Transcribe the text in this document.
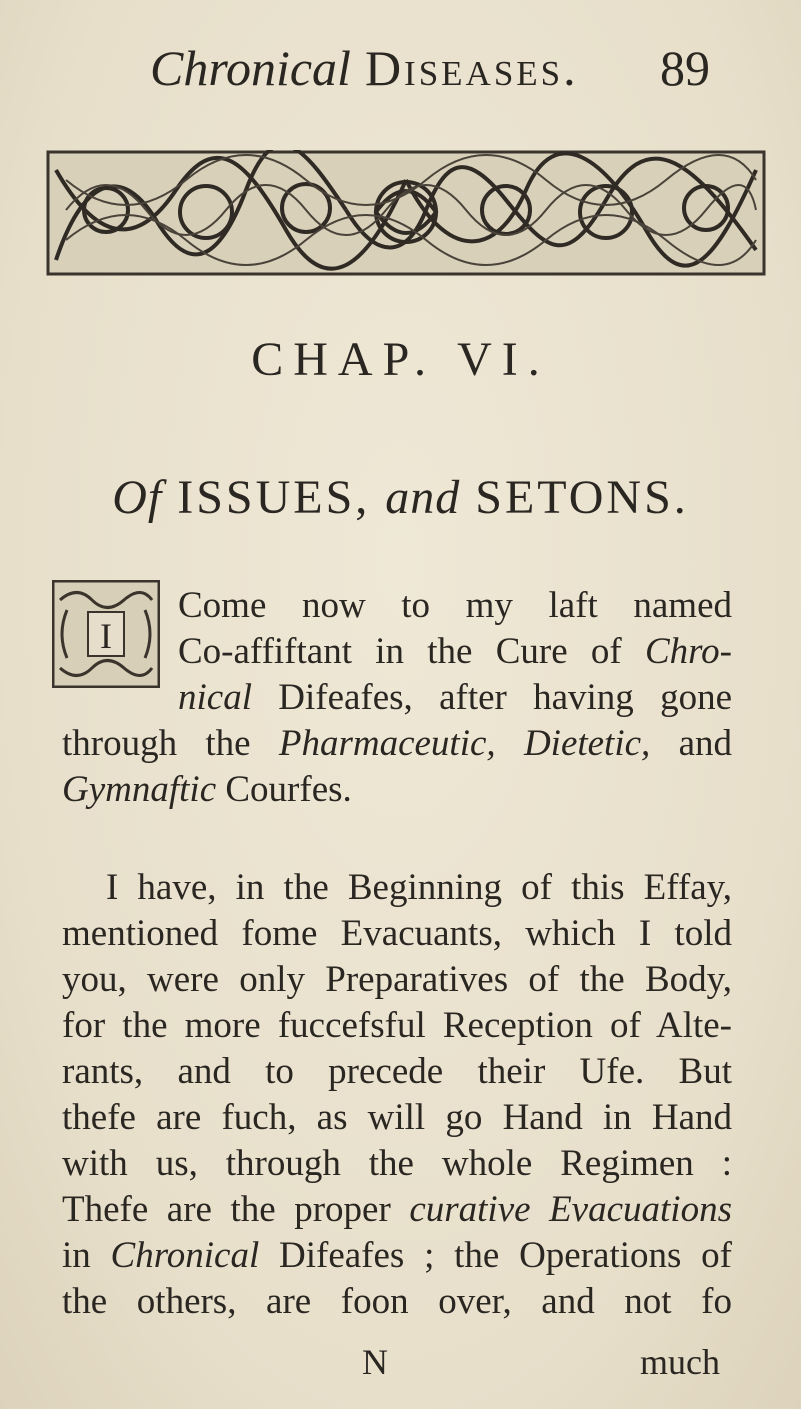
Chronical Diseases. 89
CHAP. VI.
Of ISSUES, and SETONS.
I
Come now to my laft named
Co-affiftant in the Cure of Chro-
nical Difeafes, after having gone
through the Pharmaceutic, Dietetic, and
Gymnaftic Courfes.
I have, in the Beginning of this Effay,
mentioned fome Evacuants, which I told
you, were only Preparatives of the Body,
for the more fuccefsful Reception of Alte-
rants, and to precede their Ufe. But
thefe are fuch, as will go Hand in Hand
with us, through the whole Regimen :
Thefe are the proper curative Evacuations
in Chronical Difeafes ; the Operations of
the others, are foon over, and not fo
N	much
